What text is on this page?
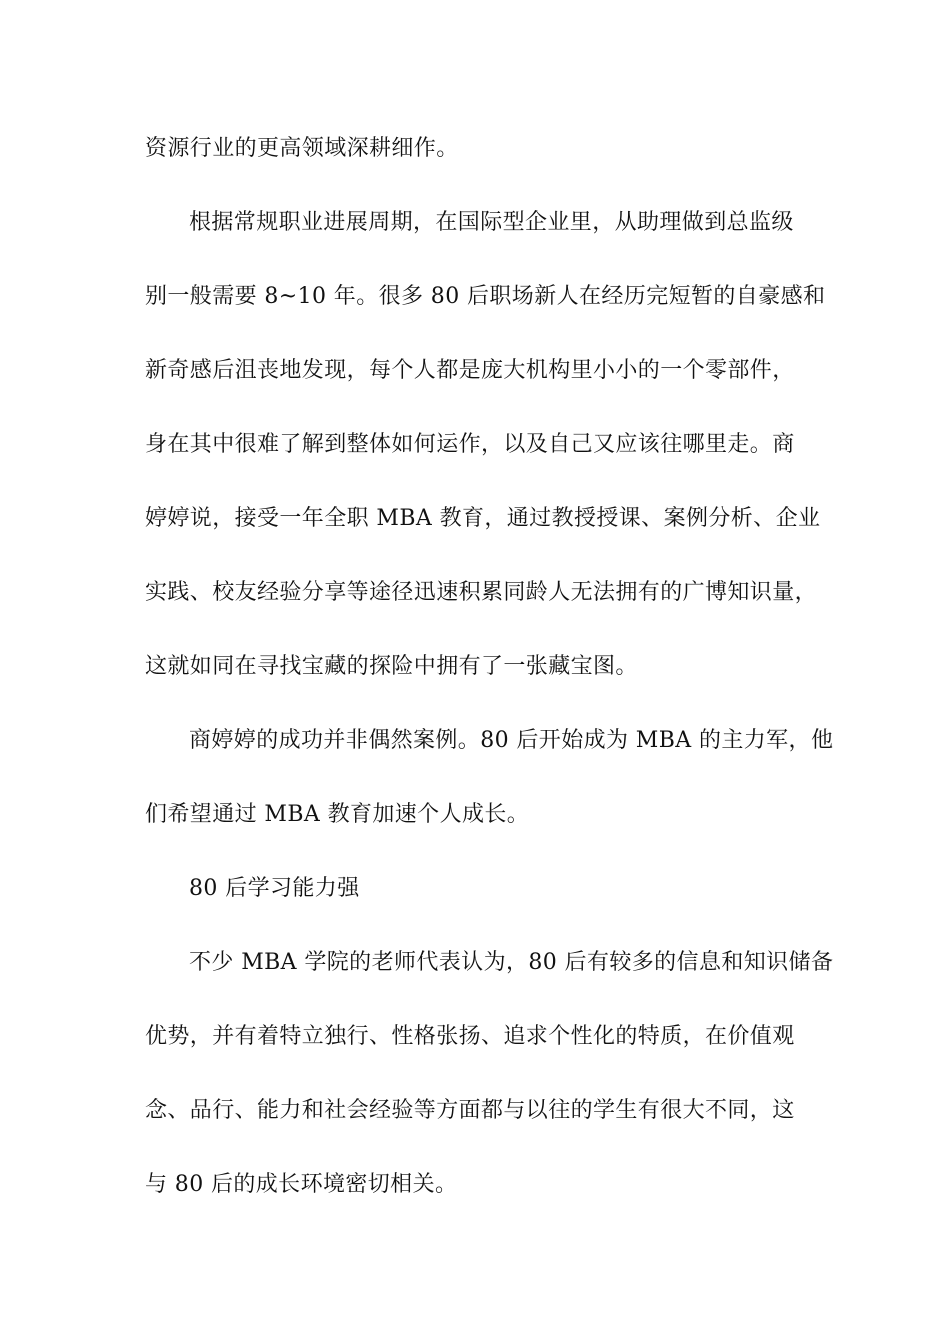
资源行业的更高领域深耕细作。
根据常规职业进展周期，在国际型企业里，从助理做到总监级
别一般需要 8~10 年。很多 80 后职场新人在经历完短暂的自豪感和
新奇感后沮丧地发现，每个人都是庞大机构里小小的一个零部件，
身在其中很难了解到整体如何运作，以及自己又应该往哪里走。商
婷婷说，接受一年全职 MBA 教育，通过教授授课、案例分析、企业
实践、校友经验分享等途径迅速积累同龄人无法拥有的广博知识量，
这就如同在寻找宝藏的探险中拥有了一张藏宝图。
商婷婷的成功并非偶然案例。80 后开始成为 MBA 的主力军，他
们希望通过 MBA 教育加速个人成长。
80 后学习能力强
不少 MBA 学院的老师代表认为，80 后有较多的信息和知识储备
优势，并有着特立独行、性格张扬、追求个性化的特质，在价值观
念、品行、能力和社会经验等方面都与以往的学生有很大不同，这
与 80 后的成长环境密切相关。
